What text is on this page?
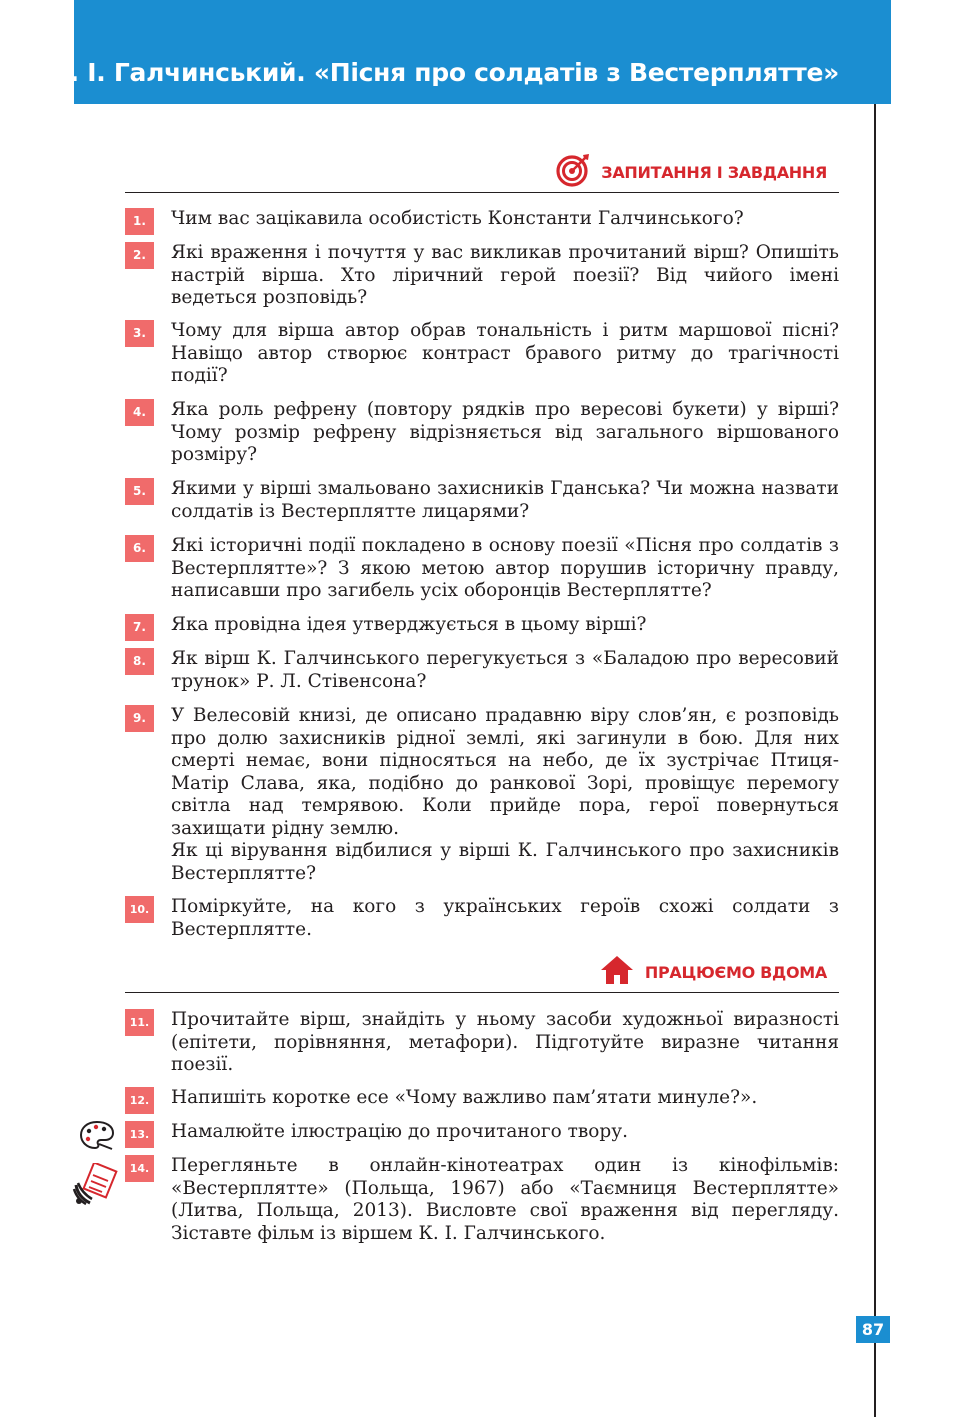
К. І. Галчинський. «Пісня про солдатів з Вестерплятте»
ЗАПИТАННЯ І ЗАВДАННЯ
1.	Чим вас зацікавила особистість Константи Галчинського?
2.	Які враження і почуття у вас викликав прочитаний вірш? Опишіть настрій вірша. Хто ліричний герой поезії? Від чийого імені ведеться розповідь?
3.	Чому для вірша автор обрав тональність і ритм маршової пісні? Навіщо автор створює контраст бравого ритму до трагічності події?
4.	Яка роль рефрену (повтору рядків про вересові букети) у вірші? Чому розмір рефрену відрізняється від загального віршованого розміру?
5.	Якими у вірші змальовано захисників Гданська? Чи можна назвати солдатів із Вестерплятте лицарями?
6.	Які історичні події покладено в основу поезії «Пісня про солдатів з Вестерплятте»? З якою метою автор порушив історичну правду, написавши про загибель усіх оборонців Вестерплятте?
7.	Яка провідна ідея утверджується в цьому вірші?
8.	Як вірш К. Галчинського перегукується з «Баладою про вересовий трунок» Р. Л. Стівенсона?
9.	У Велесовій книзі, де описано прадавню віру слов’ян, є розповідь про долю захисників рідної землі, які загинули в бою. Для них смерті немає, вони підносяться на небо, де їх зустрічає Птиця-Матір Слава, яка, подібно до ранкової Зорі, провіщує перемогу світла над темрявою. Коли прийде пора, герої повернуться захищати рідну землю.
Як ці вірування відбилися у вірші К. Галчинського про захисників Вестерплятте?
10. Поміркуйте, на кого з українських героїв схожі солдати з Вестерплятте.
ПРАЦЮЄМО ВДОМА
11. Прочитайте вірш, знайдіть у ньому засоби художньої виразності (епітети, порівняння, метафори). Підготуйте виразне читання поезії.
12. Напишіть коротке есе «Чому важливо пам’ятати минуле?».
13. Намалюйте ілюстрацію до прочитаного твору.
14. Перегляньте в онлайн-кінотеатрах один із кінофільмів: «Вестерплятте» (Польща, 1967) або «Таємниця Вестерплятте» (Литва, Польща, 2013). Висловте свої враження від перегляду. Зіставте фільм із віршем К. І. Галчинського.
87
